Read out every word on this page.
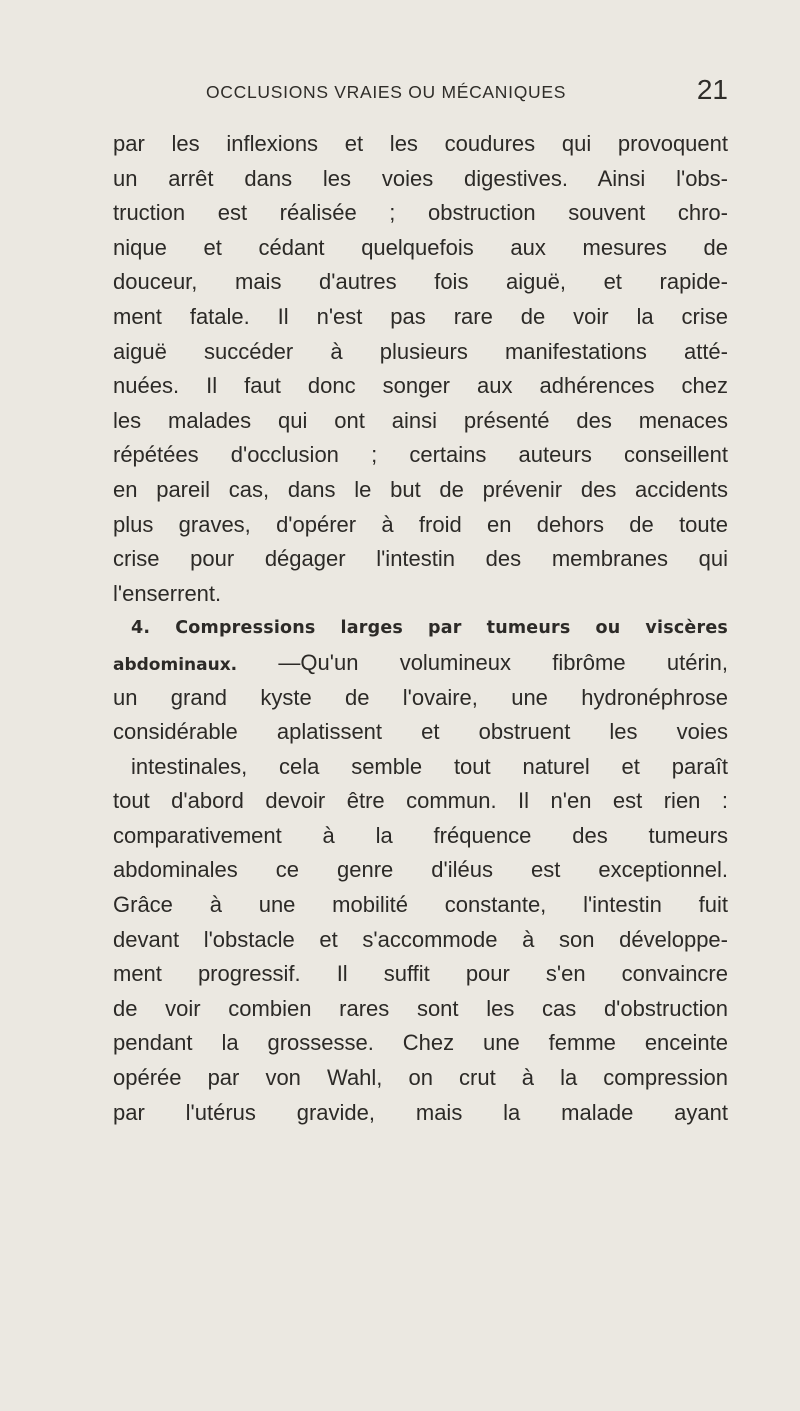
OCCLUSIONS VRAIES OU MÉCANIQUES	21
par les inflexions et les coudures qui provoquent
un arrêt dans les voies digestives. Ainsi l'obs-
truction est réalisée ; obstruction souvent chro-
nique et cédant quelquefois aux mesures de
douceur, mais d'autres fois aiguë, et rapide-
ment fatale. Il n'est pas rare de voir la crise
aiguë succéder à plusieurs manifestations atté-
nuées. Il faut donc songer aux adhérences chez
les malades qui ont ainsi présenté des menaces
répétées d'occlusion ; certains auteurs conseillent
en pareil cas, dans le but de prévenir des accidents
plus graves, d'opérer à froid en dehors de toute
crise pour dégager l'intestin des membranes qui
l'enserrent.
4. Compressions larges par tumeurs ou viscères
abdominaux. —Qu'un volumineux fibrôme utérin,
un grand kyste de l'ovaire, une hydronéphrose
considérable aplatissent et obstruent les voies
intestinales, cela semble tout naturel et paraît
tout d'abord devoir être commun. Il n'en est rien :
comparativement à la fréquence des tumeurs
abdominales ce genre d'iléus est exceptionnel.
Grâce à une mobilité constante, l'intestin fuit
devant l'obstacle et s'accommode à son développe-
ment progressif. Il suffit pour s'en convaincre
de voir combien rares sont les cas d'obstruction
pendant la grossesse. Chez une femme enceinte
opérée par von Wahl, on crut à la compression
par l'utérus gravide, mais la malade ayant
